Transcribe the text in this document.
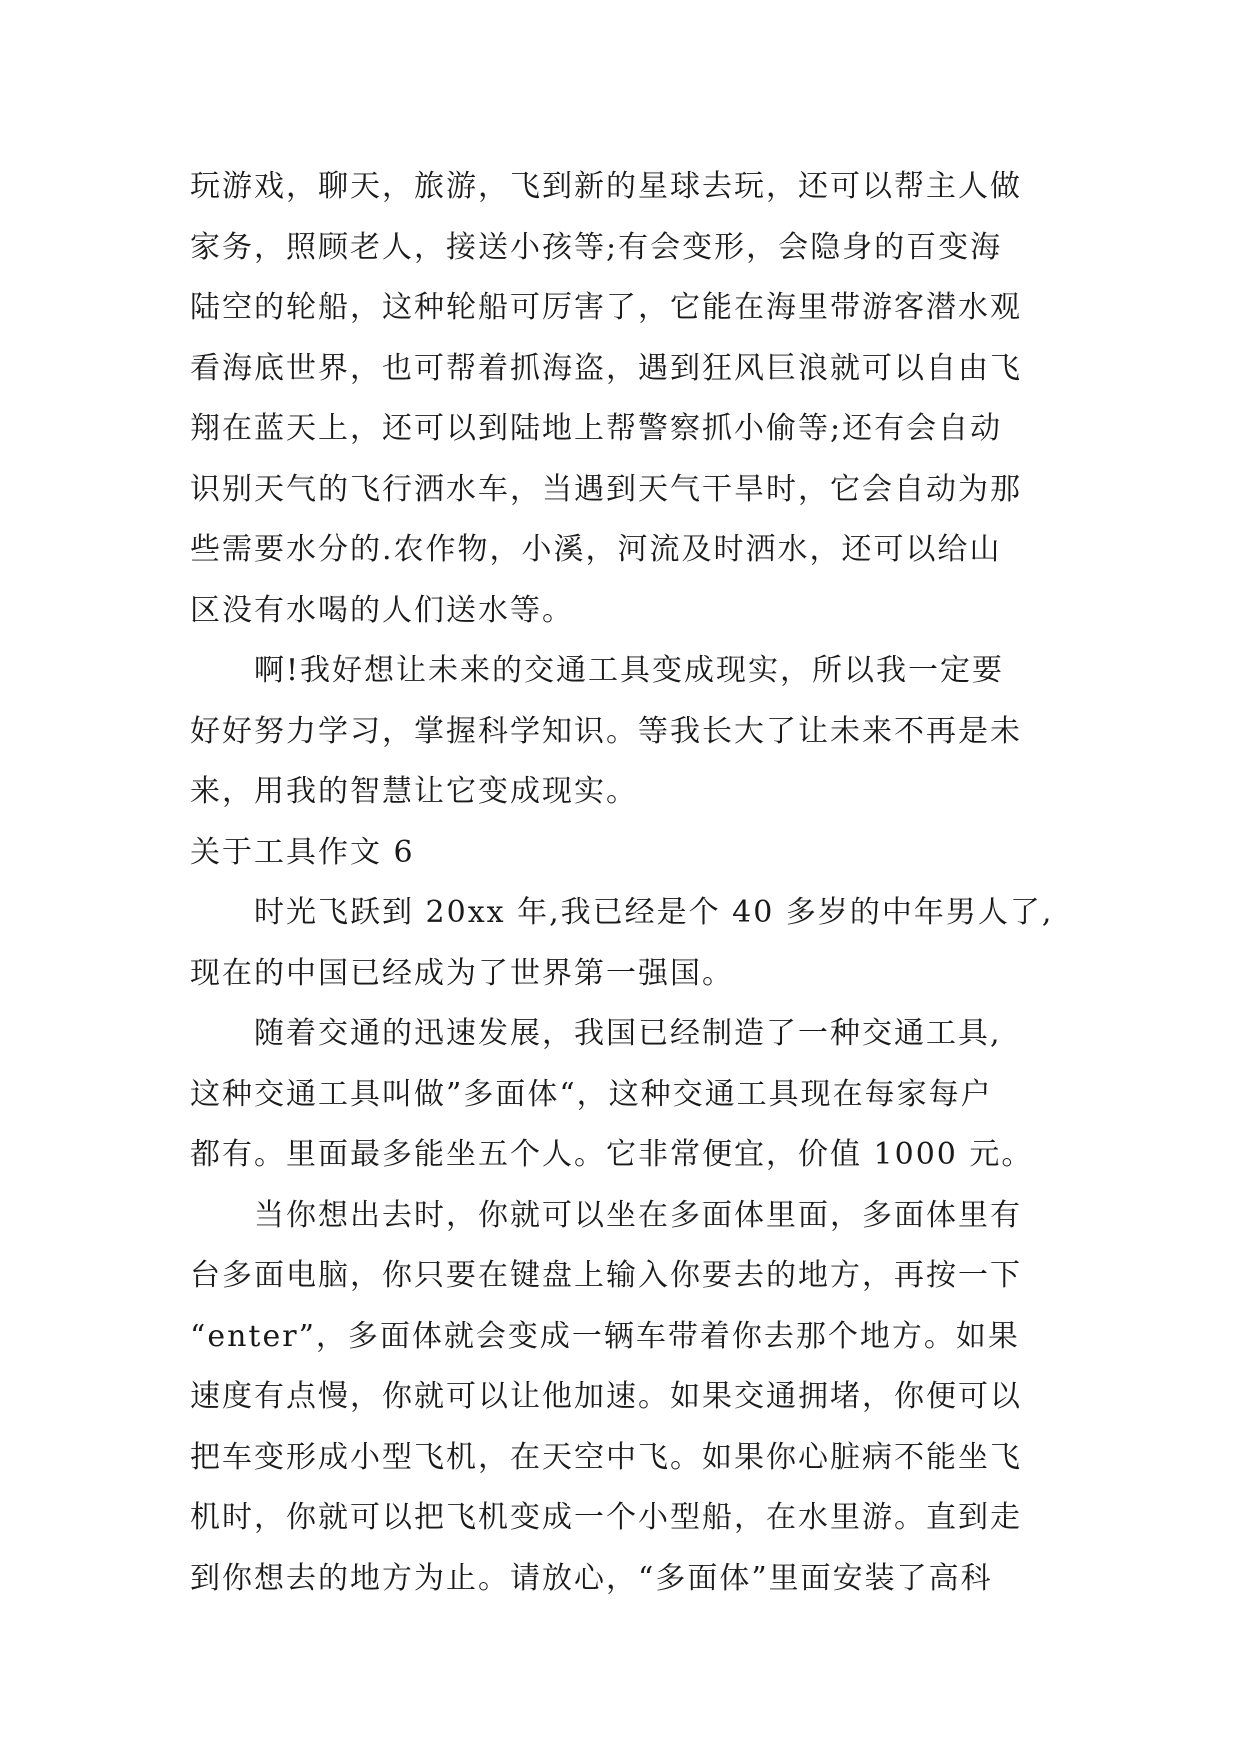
玩游戏，聊天，旅游，飞到新的星球去玩，还可以帮主人做
家务，照顾老人，接送小孩等;有会变形，会隐身的百变海
陆空的轮船，这种轮船可厉害了，它能在海里带游客潜水观
看海底世界，也可帮着抓海盗，遇到狂风巨浪就可以自由飞
翔在蓝天上，还可以到陆地上帮警察抓小偷等;还有会自动
识别天气的飞行洒水车，当遇到天气干旱时，它会自动为那
些需要水分的.农作物，小溪，河流及时洒水，还可以给山
区没有水喝的人们送水等。
啊!我好想让未来的交通工具变成现实，所以我一定要
好好努力学习，掌握科学知识。等我长大了让未来不再是未
来，用我的智慧让它变成现实。
关于工具作文 6
时光飞跃到 20xx 年,我已经是个 40 多岁的中年男人了,
现在的中国已经成为了世界第一强国。
随着交通的迅速发展，我国已经制造了一种交通工具,
这种交通工具叫做”多面体“，这种交通工具现在每家每户
都有。里面最多能坐五个人。它非常便宜，价值 1000 元。
当你想出去时，你就可以坐在多面体里面，多面体里有
台多面电脑，你只要在键盘上输入你要去的地方，再按一下
“enter”，多面体就会变成一辆车带着你去那个地方。如果
速度有点慢，你就可以让他加速。如果交通拥堵，你便可以
把车变形成小型飞机，在天空中飞。如果你心脏病不能坐飞
机时，你就可以把飞机变成一个小型船，在水里游。直到走
到你想去的地方为止。请放心，“多面体”里面安装了高科
